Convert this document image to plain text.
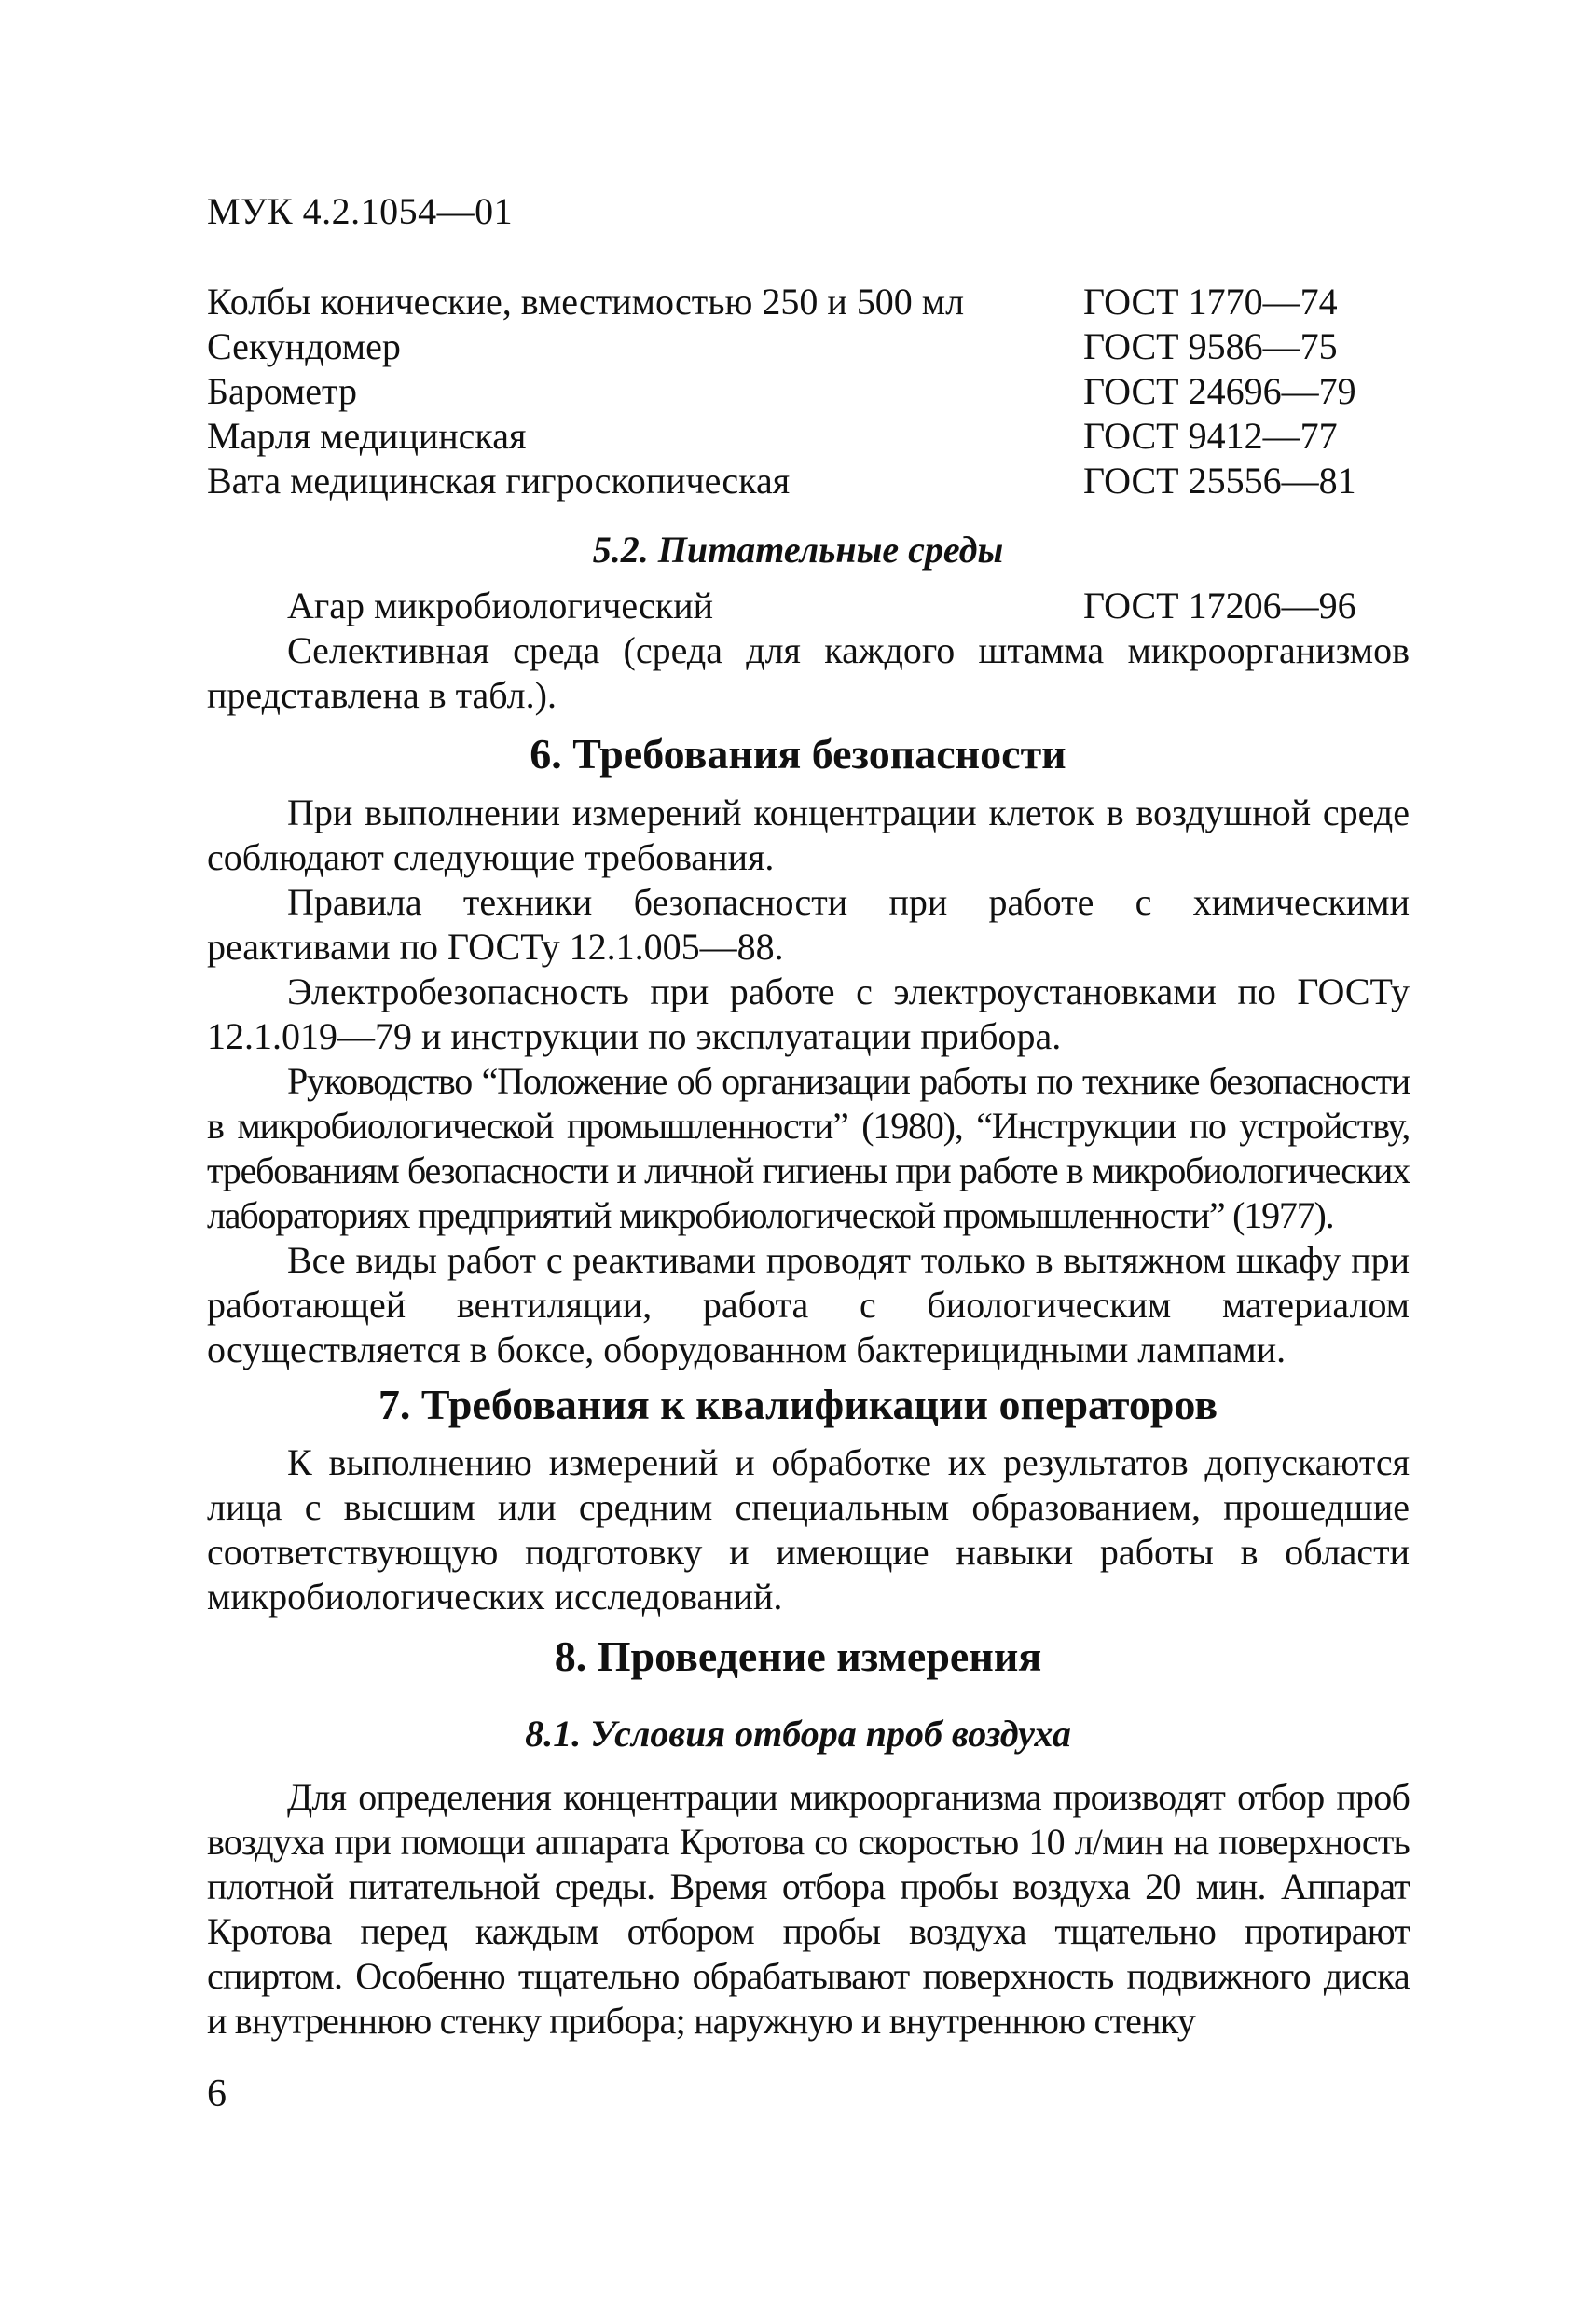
МУК 4.2.1054—01
Колбы конические, вместимостью 250 и 500 мл	ГОСТ 1770—74
Секундомер	ГОСТ 9586—75
Барометр	ГОСТ 24696—79
Марля медицинская	ГОСТ 9412—77
Вата медицинская гигроскопическая	ГОСТ 25556—81
5.2. Питательные среды
Агар микробиологический	ГОСТ 17206—96
Селективная среда (среда для каждого штамма микроорганизмов представлена в табл.).
6. Требования безопасности
При выполнении измерений концентрации клеток в воздушной среде соблюдают следующие требования.
Правила техники безопасности при работе с химическими реактивами по ГОСТу 12.1.005—88.
Электробезопасность при работе с электроустановками по ГОСТу 12.1.019—79 и инструкции по эксплуатации прибора.
Руководство “Положение об организации работы по технике безопасности в микробиологической промышленности” (1980), “Инструкции по устройству, требованиям безопасности и личной гигиены при работе в микробиологических лабораториях предприятий микробиологической промышленности” (1977).
Все виды работ с реактивами проводят только в вытяжном шкафу при работающей вентиляции, работа с биологическим материалом осуществляется в боксе, оборудованном бактерицидными лампами.
7. Требования к квалификации операторов
К выполнению измерений и обработке их результатов допускаются лица с высшим или средним специальным образованием, прошедшие соответствующую подготовку и имеющие навыки работы в области микробиологических исследований.
8. Проведение измерения
8.1. Условия отбора проб воздуха
Для определения концентрации микроорганизма производят отбор проб воздуха при помощи аппарата Кротова со скоростью 10 л/мин на поверхность плотной питательной среды. Время отбора пробы воздуха 20 мин. Аппарат Кротова перед каждым отбором пробы воздуха тщательно протирают спиртом. Особенно тщательно обрабатывают поверхность подвижного диска и внутреннюю стенку прибора; наружную и внутреннюю стенку
6
